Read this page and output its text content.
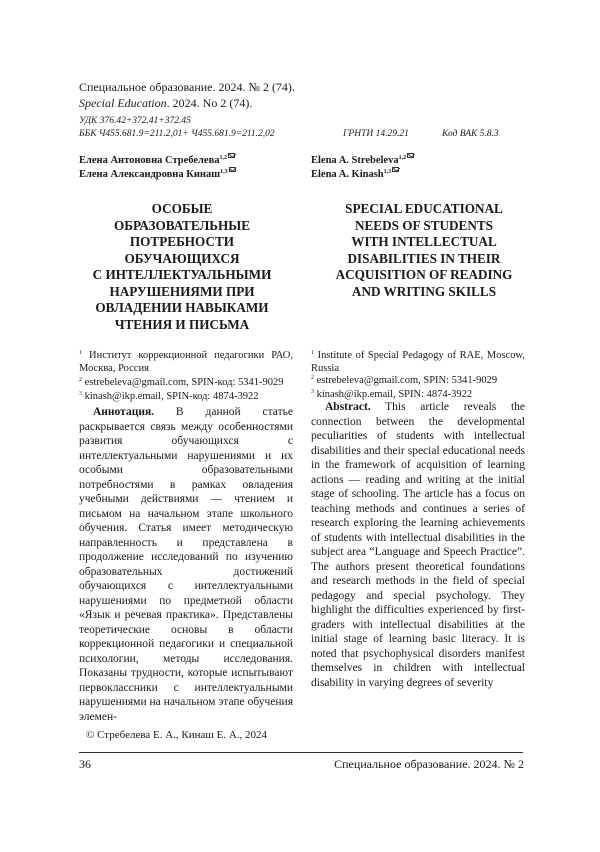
Специальное образование. 2024. № 2 (74).
Special Education. 2024. No 2 (74).
УДК 376.42+372.41+372.45
ББК Ч455.681.9=211.2,01+ Ч455.681.9=211.2,02	ГРНТИ 14.29.21	Код ВАК 5.8.3
Елена Антоновна Стребелева$^{1,2}$
Елена Александровна Кинаш$^{1,3}$
Elena A. Strebeleva$^{1,2}$
Elena A. Kinash$^{1,3}$
ОСОБЫЕ
ОБРАЗОВАТЕЛЬНЫЕ
ПОТРЕБНОСТИ
ОБУЧАЮЩИХСЯ
С ИНТЕЛЛЕКТУАЛЬНЫМИ
НАРУШЕНИЯМИ ПРИ
ОВЛАДЕНИИ НАВЫКАМИ
ЧТЕНИЯ И ПИСЬМА
SPECIAL EDUCATIONAL
NEEDS OF STUDENTS
WITH INTELLECTUAL
DISABILITIES IN THEIR
ACQUISITION OF READING
AND WRITING SKILLS
$^1$ Институт коррекционной педагогики РАО, Москва, Россия
$^2$ estrebeleva@gmail.com, SPIN-код: 5341-9029
$^3$ kinash@ikp.email, SPIN-код: 4874-3922
$^1$ Institute of Special Pedagogy of RAE, Moscow, Russia
$^2$ estrebeleva@gmail.com, SPIN: 5341-9029
$^3$ kinash@ikp.email, SPIN: 4874-3922
Аннотация. В данной статье раскрывается связь между особенностями развития обучающихся с интеллектуальными нарушениями и их особыми образовательными потребностями в рамках овладения учебными действиями — чтением и письмом на начальном этапе школьного обучения. Статья имеет методическую направленность и представлена в продолжение исследований по изучению образовательных достижений обучающихся с интеллектуальными нарушениями по предметной области «Язык и речевая практика». Представлены теоретические основы в области коррекционной педагогики и специальной психологии, методы исследования. Показаны трудности, которые испытывают первоклассники с интеллектуальными нарушениями на начальном этапе обучения элемен-
Abstract. This article reveals the connection between the developmental peculiarities of students with intellectual disabilities and their special educational needs in the framework of acquisition of learning actions — reading and writing at the initial stage of schooling. The article has a focus on teaching methods and continues a series of research exploring the learning achievements of students with intellectual disabilities in the subject area “Language and Speech Practice”. The authors present theoretical foundations and research methods in the field of special pedagogy and special psychology. They highlight the difficulties experienced by first-graders with intellectual disabilities at the initial stage of learning basic literacy. It is noted that psychophysical disorders manifest themselves in children with intellectual disability in varying degrees of severity
© Стребелева Е. А., Кинаш Е. А., 2024
36	Специальное образование. 2024. № 2
